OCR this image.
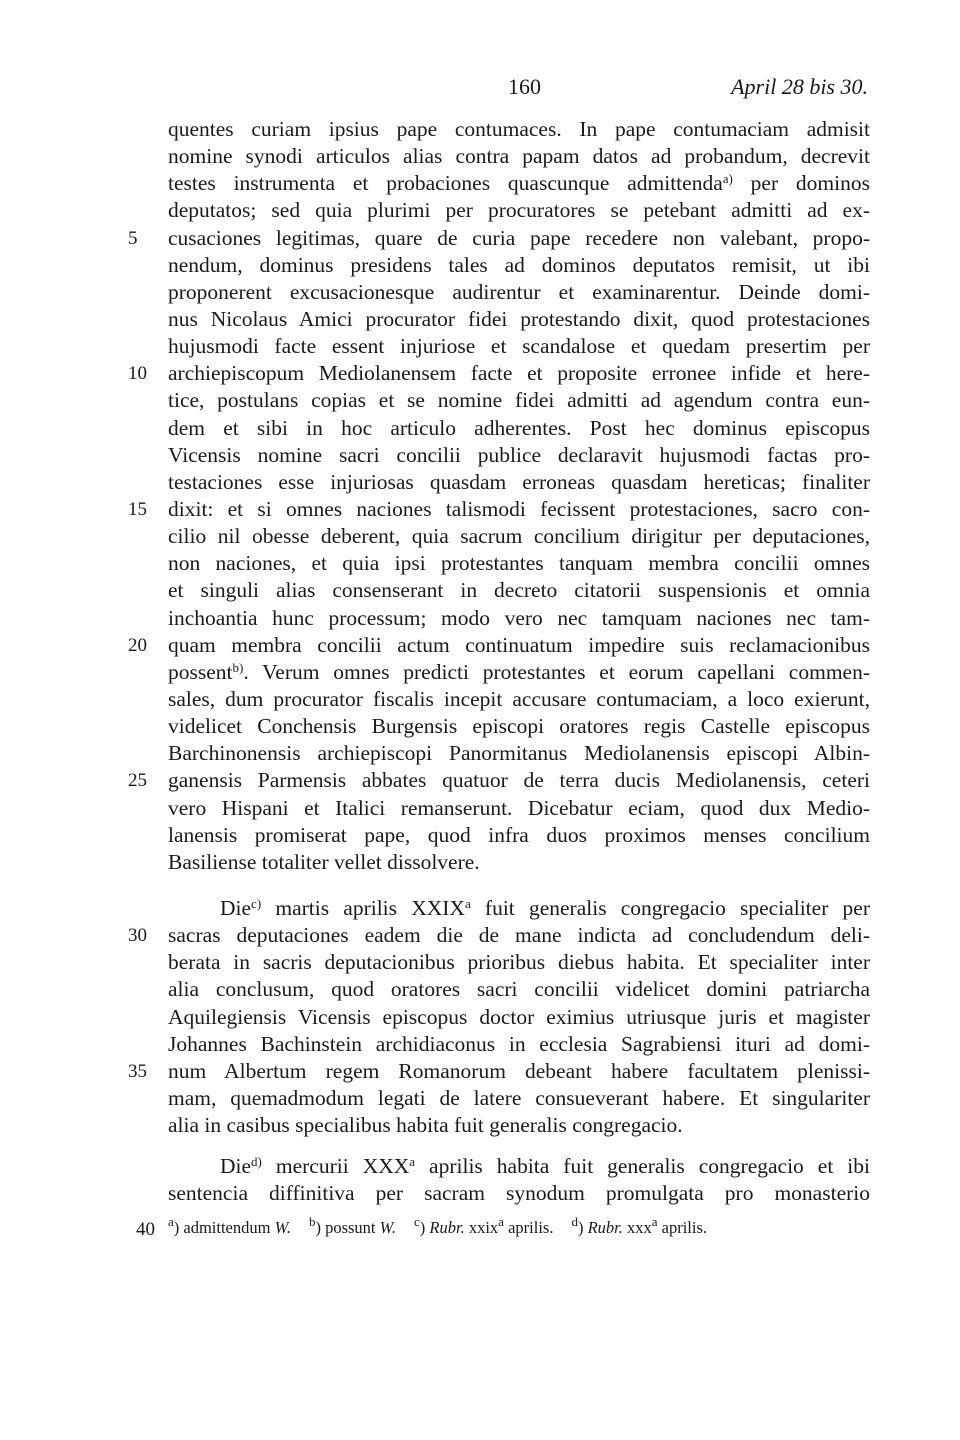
160	April 28 bis 30.
quentes curiam ipsius pape contumaces. In pape contumaciam admisit
nomine synodi articulos alias contra papam datos ad probandum, decrevit
testes instrumenta et probaciones quascunque admittenda$^{a)}$ per dominos
deputatos; sed quia plurimi per procuratores se petebant admitti ad ex-
5	cusaciones legitimas, quare de curia pape recedere non valebant, propo-
nendum, dominus presidens tales ad dominos deputatos remisit, ut ibi
proponerent excusacionesque audirentur et examinarentur. Deinde domi-
nus Nicolaus Amici procurator fidei protestando dixit, quod protestaciones
hujusmodi facte essent injuriose et scandalose et quedam presertim per
10 archiepiscopum Mediolanensem facte et proposite erronee infide et here-
tice, postulans copias et se nomine fidei admitti ad agendum contra eun-
dem et sibi in hoc articulo adherentes. Post hec dominus episcopus
Vicensis nomine sacri concilii publice declaravit hujusmodi factas pro-
testaciones esse injuriosas quasdam erroneas quasdam hereticas; finaliter
15 dixit: et si omnes naciones talismodi fecissent protestaciones, sacro con-
cilio nil obesse deberent, quia sacrum concilium dirigitur per deputaciones,
non naciones, et quia ipsi protestantes tanquam membra concilii omnes
et singuli alias consenserant in decreto citatorii suspensionis et omnia
inchoantia hunc processum; modo vero nec tamquam naciones nec tam-
20 quam membra concilii actum continuatum impedire suis reclamacionibus
possent$^{b)}$. Verum omnes predicti protestantes et eorum capellani commen-
sales, dum procurator fiscalis incepit accusare contumaciam, a loco exierunt,
videlicet Conchensis Burgensis episcopi oratores regis Castelle episcopus
Barchinonensis archiepiscopi Panormitanus Mediolanensis episcopi Albin-
25 ganensis Parmensis abbates quatuor de terra ducis Mediolanensis, ceteri
vero Hispani et Italici remanserunt. Dicebatur eciam, quod dux Medio-
lanensis promiserat pape, quod infra duos proximos menses concilium
Basiliense totaliter vellet dissolvere.
Die$^{c)}$ martis aprilis XXIX$^a$ fuit generalis congregacio specialiter per
30 sacras deputaciones eadem die de mane indicta ad concludendum deli-
berata in sacris deputacionibus prioribus diebus habita. Et specialiter inter
alia conclusum, quod oratores sacri concilii videlicet domini patriarcha
Aquilegiensis Vicensis episcopus doctor eximius utriusque juris et magister
Johannes Bachinstein archidiaconus in ecclesia Sagrabiensi ituri ad domi-
35 num Albertum regem Romanorum debeant habere facultatem plenissi-
mam, quemadmodum legati de latere consueverant habere. Et singulariter
alia in casibus specialibus habita fuit generalis congregacio.
Die$^{d)}$ mercurii XXX$^a$ aprilis habita fuit generalis congregacio et ibi
sentencia diffinitiva per sacram synodum promulgata pro monasterio
40 $^a$) admittendum W. $^b$) possunt W. $^c$) Rubr. xxix$^a$ aprilis. $^d$) Rubr. xxx$^a$ aprilis.
